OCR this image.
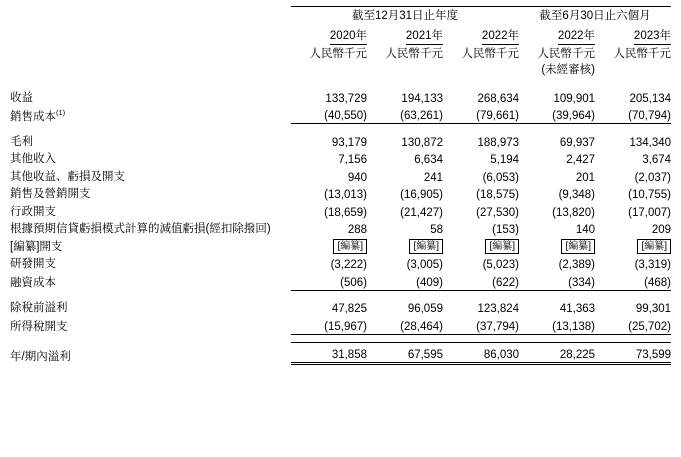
	截至12月31日止年度			截至6月30日止六個月	

	2020年	2021年	2022年	2022年	2023年
	人民幣千元	人民幣千元	人民幣千元	人民幣千元	人民幣千元
				(未經審核)	

收益	133,729	194,133	268,634	109,901	205,134
銷售成本$^{(1)}$	(40,550)	(63,261)	(79,661)	(39,964)	(70,794)

毛利	93,179	130,872	188,973	69,937	134,340
其他收入	7,156	6,634	5,194	2,427	3,674
其他收益、虧損及開支	940	241	(6,053)	201	(2,037)
銷售及營銷開支	(13,013)	(16,905)	(18,575)	(9,348)	(10,755)
行政開支	(18,659)	(21,427)	(27,530)	(13,820)	(17,007)
根據預期信貸虧損模式計算的減值虧損(經扣除撥回)	288	58	(153)	140	209
[編纂]開支	[編纂]	[編纂]	[編纂]	[編纂]	[編纂]
研發開支	(3,222)	(3,005)	(5,023)	(2,389)	(3,319)
融資成本	(506)	(409)	(622)	(334)	(468)

除稅前溢利	47,825	96,059	123,824	41,363	99,301
所得稅開支	(15,967)	(28,464)	(37,794)	(13,138)	(25,702)

年/期內溢利	31,858	67,595	86,030	28,225	73,599
